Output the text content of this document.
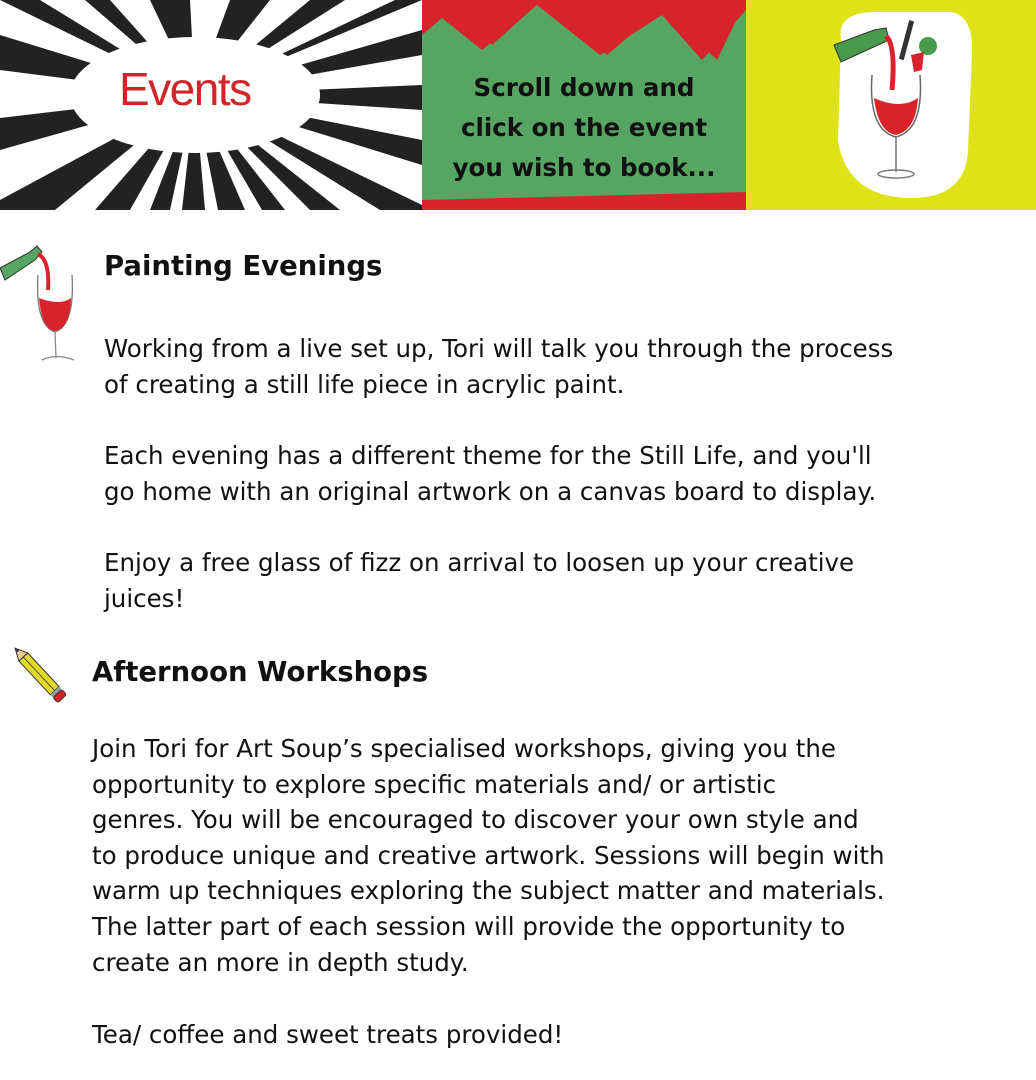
Events	Scroll down and
click on the event
you wish to book...

Painting Evenings

Working from a live set up, Tori will talk you through the process
of creating a still life piece in acrylic paint.

Each evening has a different theme for the Still Life, and you'll
go home with an original artwork on a canvas board to display.

Enjoy a free glass of fizz on arrival to loosen up your creative
juices!

Afternoon Workshops

Join Tori for Art Soup’s specialised workshops, giving you the
opportunity to explore specific materials and/ or artistic
genres. You will be encouraged to discover your own style and
to produce unique and creative artwork. Sessions will begin with
warm up techniques exploring the subject matter and materials.
The latter part of each session will provide the opportunity to
create an more in depth study.

Tea/ coffee and sweet treats provided!
